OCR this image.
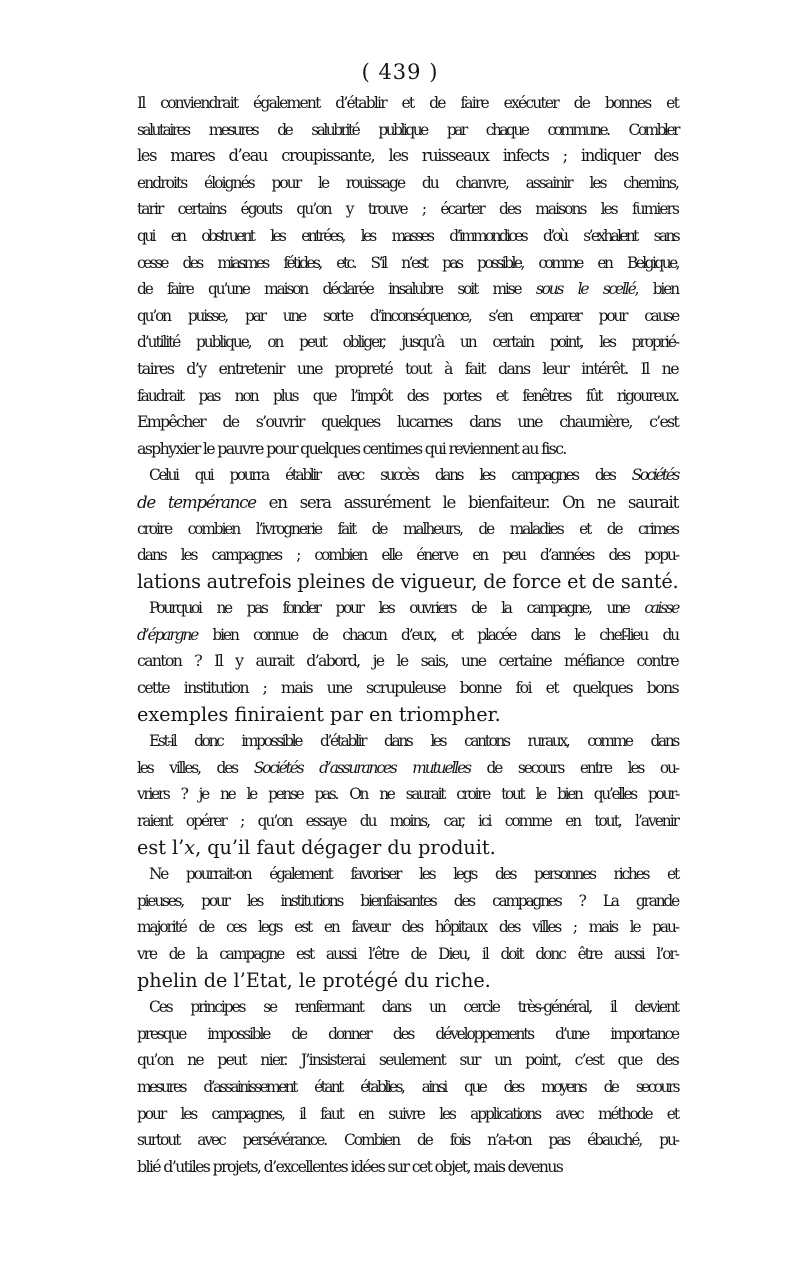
( 439 )
Il conviendrait également d’établir et de faire exécuter de bonnes et
salutaires mesures de salubrité publique par chaque commune. Combler
les mares d’eau croupissante, les ruisseaux infects ; indiquer des
endroits éloignés pour le rouissage du chanvre, assainir les chemins,
tarir certains égouts qu’on y trouve ; écarter des maisons les fumiers
qui en obstruent les entrées, les masses d’immondices d’où s’exhalent sans
cesse des miasmes fétides, etc. S’il n’est pas possible, comme en Belgique,
de faire qu’une maison déclarée insalubre soit mise sous le scellé, bien
qu’on puisse, par une sorte d’inconséquence, s’en emparer pour cause
d’utilité publique, on peut obliger, jusqu’à un certain point, les proprié-
taires d’y entretenir une propreté tout à fait dans leur intérêt. Il ne
faudrait pas non plus que l’impôt des portes et fenêtres fût rigoureux.
Empêcher de s’ouvrir quelques lucarnes dans une chaumière, c’est
asphyxier le pauvre pour quelques centimes qui reviennent au fisc.
Celui qui pourra établir avec succès dans les campagnes des Sociétés
de tempérance en sera assurément le bienfaiteur. On ne saurait
croire combien l’ivrognerie fait de malheurs, de maladies et de crimes
dans les campagnes ; combien elle énerve en peu d’années des popu-
lations autrefois pleines de vigueur, de force et de santé.
Pourquoi ne pas fonder pour les ouvriers de la campagne, une caisse
d’épargne bien connue de chacun d’eux, et placée dans le chef-lieu du
canton ? Il y aurait d’abord, je le sais, une certaine méfiance contre
cette institution ; mais une scrupuleuse bonne foi et quelques bons
exemples finiraient par en triompher.
Est-il donc impossible d’établir dans les cantons ruraux, comme dans
les villes, des Sociétés d’assurances mutuelles de secours entre les ou-
vriers ? je ne le pense pas. On ne saurait croire tout le bien qu’elles pour-
raient opérer ; qu’on essaye du moins, car, ici comme en tout, l’avenir
est l’x, qu’il faut dégager du produit.
Ne pourrait-on également favoriser les legs des personnes riches et
pieuses, pour les institutions bienfaisantes des campagnes ? La grande
majorité de ces legs est en faveur des hôpitaux des villes ; mais le pau-
vre de la campagne est aussi l’être de Dieu, il doit donc être aussi l’or-
phelin de l’Etat, le protégé du riche.
Ces principes se renfermant dans un cercle très-général, il devient
presque impossible de donner des développements d’une importance
qu’on ne peut nier. J’insisterai seulement sur un point, c’est que des
mesures d’assainissement étant établies, ainsi que des moyens de secours
pour les campagnes, il faut en suivre les applications avec méthode et
surtout avec persévérance. Combien de fois n’a-t-on pas ébauché, pu-
blié d’utiles projets, d’excellentes idées sur cet objet, mais devenus
